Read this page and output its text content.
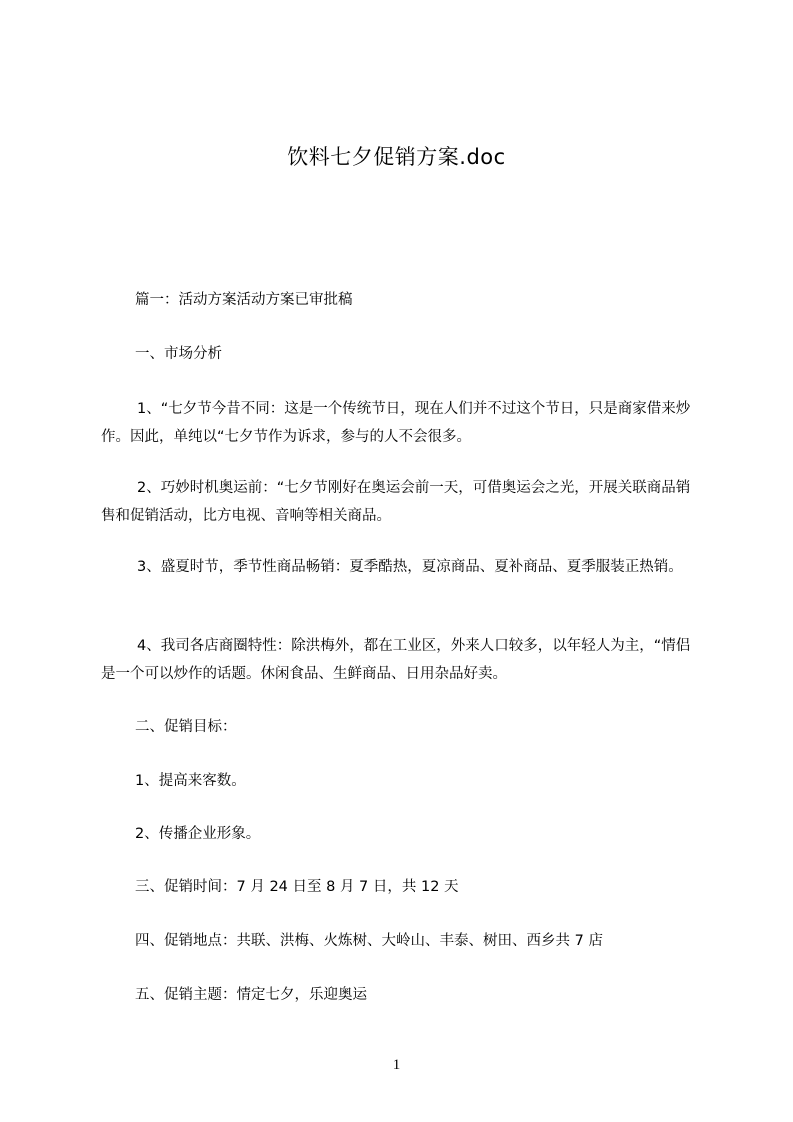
饮料七夕促销方案.doc
篇一：活动方案活动方案已审批稿
一、市场分析
1、“七夕节今昔不同：这是一个传统节日，现在人们并不过这个节日，只是商家借来炒作。因此，单纯以“七夕节作为诉求，参与的人不会很多。
2、巧妙时机奥运前：“七夕节刚好在奥运会前一天，可借奥运会之光，开展关联商品销售和促销活动，比方电视、音响等相关商品。
3、盛夏时节，季节性商品畅销：夏季酷热，夏凉商品、夏补商品、夏季服装正热销。
4、我司各店商圈特性：除洪梅外，都在工业区，外来人口较多，以年轻人为主，“情侣是一个可以炒作的话题。休闲食品、生鲜商品、日用杂品好卖。
二、促销目标：
1、提高来客数。
2、传播企业形象。
三、促销时间：7 月 24 日至 8 月 7 日，共 12 天
四、促销地点：共联、洪梅、火炼树、大岭山、丰泰、树田、西乡共 7 店
五、促销主题：情定七夕，乐迎奥运
1
